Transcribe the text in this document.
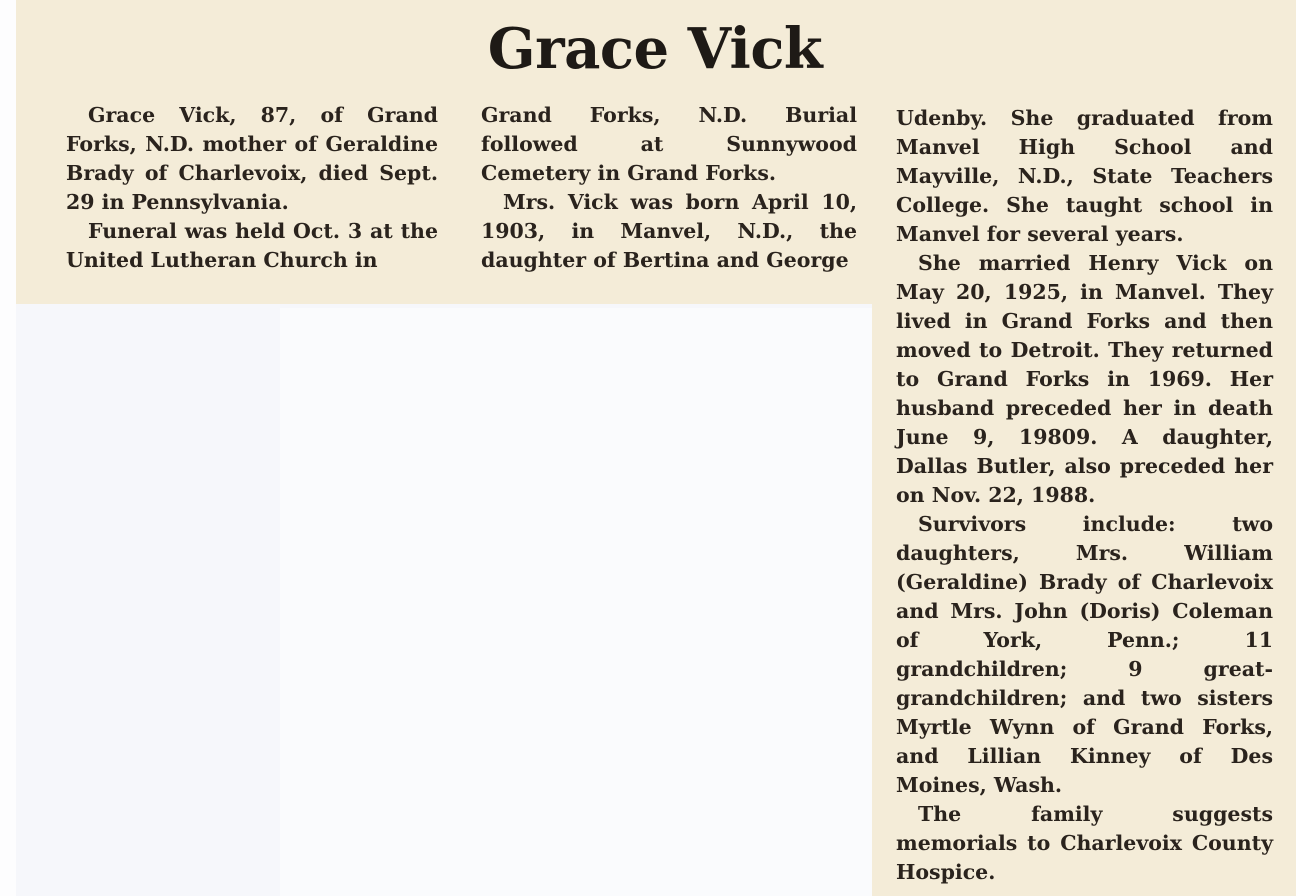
Grace Vick

Grace Vick, 87, of Grand Forks, N.D. mother of Geraldine Brady of Charlevoix, died Sept. 29 in Pennsylvania.

Funeral was held Oct. 3 at the United Lutheran Church in

Grand Forks, N.D. Burial followed at Sunnywood Cemetery in Grand Forks.

Mrs. Vick was born April 10, 1903, in Manvel, N.D., the daughter of Bertina and George

Udenby. She graduated from Manvel High School and Mayville, N.D., State Teachers College. She taught school in Manvel for several years.

She married Henry Vick on May 20, 1925, in Manvel. They lived in Grand Forks and then moved to Detroit. They returned to Grand Forks in 1969. Her husband preceded her in death June 9, 19809. A daughter, Dallas Butler, also preceded her on Nov. 22, 1988.

Survivors include: two daughters, Mrs. William (Geraldine) Brady of Charlevoix and Mrs. John (Doris) Coleman of York, Penn.; 11 grandchildren; 9 great-grandchildren; and two sisters Myrtle Wynn of Grand Forks, and Lillian Kinney of Des Moines, Wash.

The family suggests memorials to Charlevoix County Hospice.
